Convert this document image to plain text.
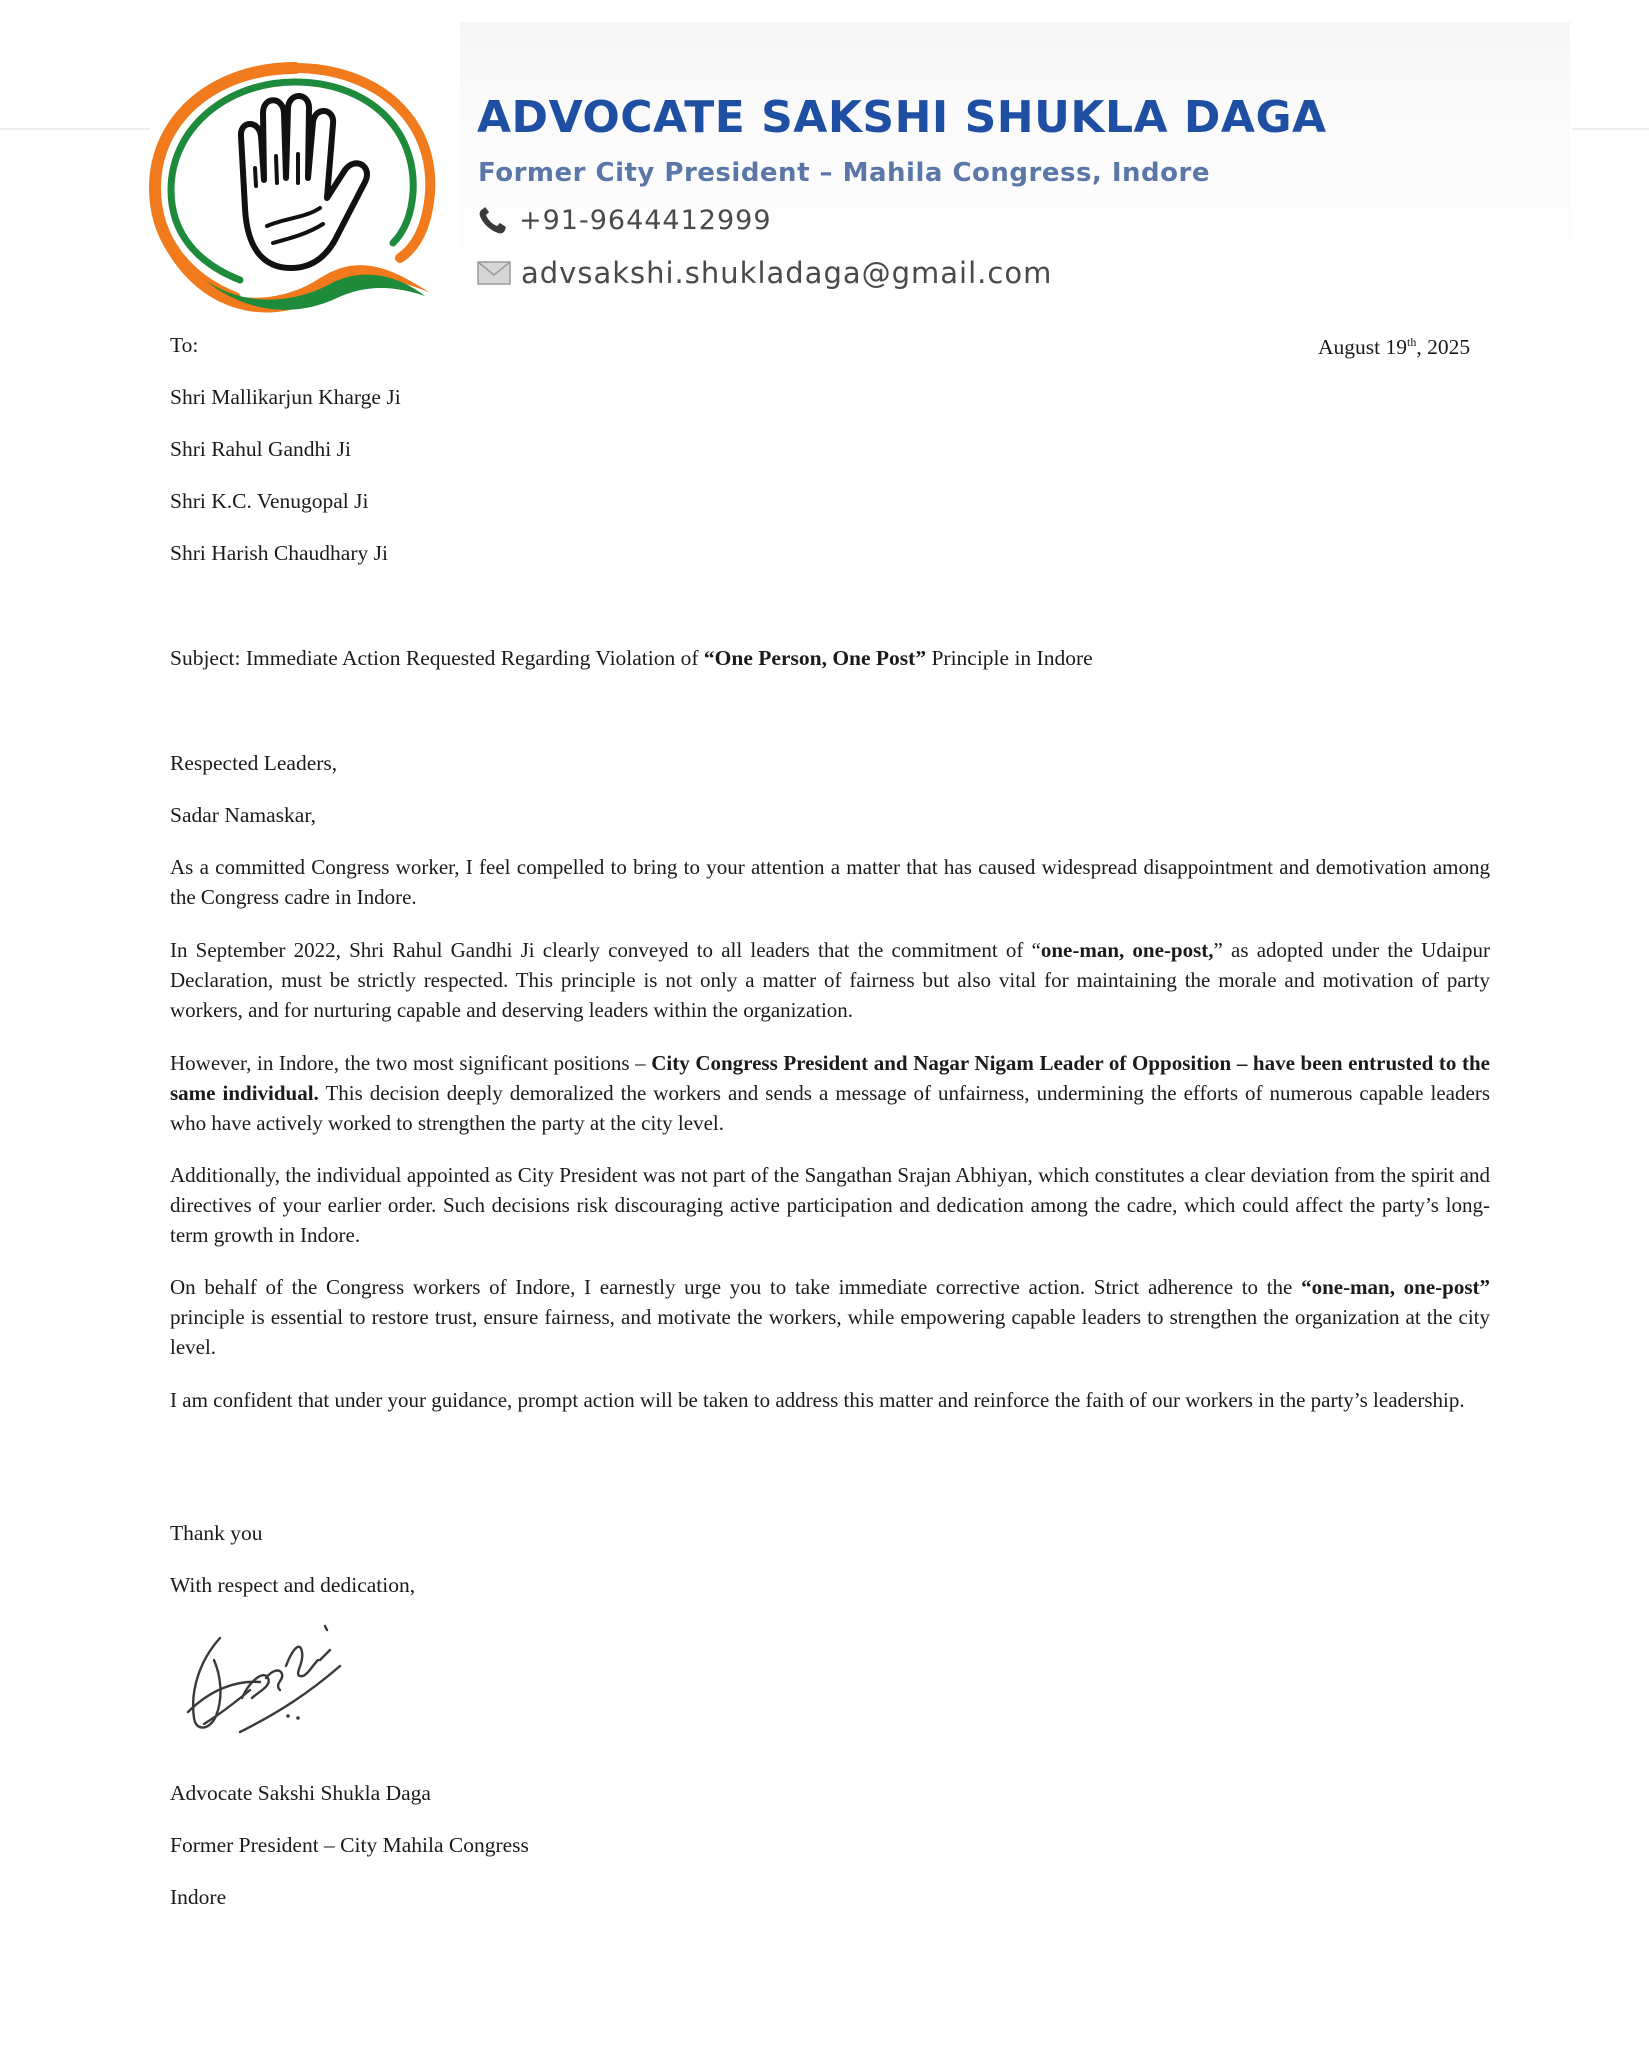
ADVOCATE SAKSHI SHUKLA DAGA
Former City President – Mahila Congress, Indore
+91-9644412999
advsakshi.shukladaga@gmail.com
To:	August 19th, 2025
Shri Mallikarjun Kharge Ji
Shri Rahul Gandhi Ji
Shri K.C. Venugopal Ji
Shri Harish Chaudhary Ji
Subject: Immediate Action Requested Regarding Violation of “One Person, One Post” Principle in Indore
Respected Leaders,
Sadar Namaskar,
As a committed Congress worker, I feel compelled to bring to your attention a matter that has caused widespread disappointment and demotivation among the Congress cadre in Indore.
In September 2022, Shri Rahul Gandhi Ji clearly conveyed to all leaders that the commitment of “one-man, one-post,” as adopted under the Udaipur Declaration, must be strictly respected. This principle is not only a matter of fairness but also vital for maintaining the morale and motivation of party workers, and for nurturing capable and deserving leaders within the organization.
However, in Indore, the two most significant positions – City Congress President and Nagar Nigam Leader of Opposition – have been entrusted to the same individual. This decision deeply demoralized the workers and sends a message of unfairness, undermining the efforts of numerous capable leaders who have actively worked to strengthen the party at the city level.
Additionally, the individual appointed as City President was not part of the Sangathan Srajan Abhiyan, which constitutes a clear deviation from the spirit and directives of your earlier order. Such decisions risk discouraging active participation and dedication among the cadre, which could affect the party’s long-term growth in Indore.
On behalf of the Congress workers of Indore, I earnestly urge you to take immediate corrective action. Strict adherence to the “one-man, one-post” principle is essential to restore trust, ensure fairness, and motivate the workers, while empowering capable leaders to strengthen the organization at the city level.
I am confident that under your guidance, prompt action will be taken to address this matter and reinforce the faith of our workers in the party’s leadership.
Thank you
With respect and dedication,
Advocate Sakshi Shukla Daga
Former President – City Mahila Congress
Indore
